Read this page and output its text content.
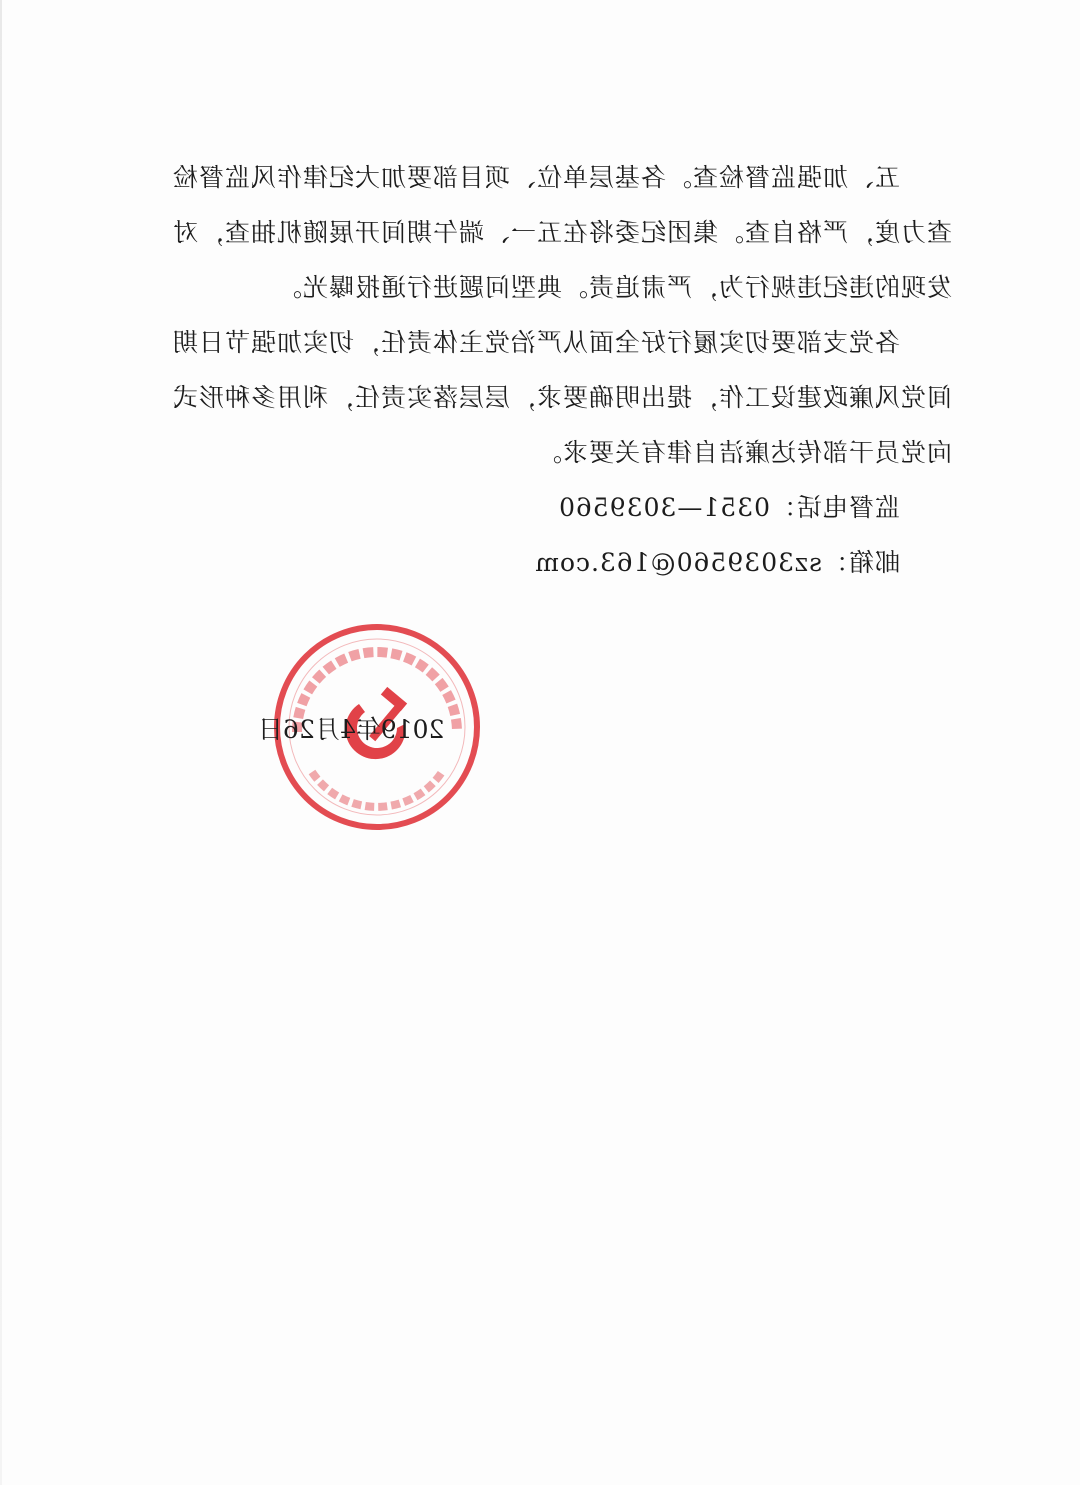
五、加强监督检查。各基层单位、项目部要加大纪律作风监督检
查力度，严格自查。集团纪委将在五一、端午期间开展随机抽查，对
发现的违纪违规行为，严肃追责。典型问题进行通报曝光。
各党支部要切实履行好全面从严治党主体责任，切实加强节日期
间党风廉政建设工作，提出明确要求，层层落实责任，利用多种形式
向党员干部传达廉洁自律有关要求。
监督电话：0351—3039560
邮箱：sz3039560@163.com
2019年4月26日
